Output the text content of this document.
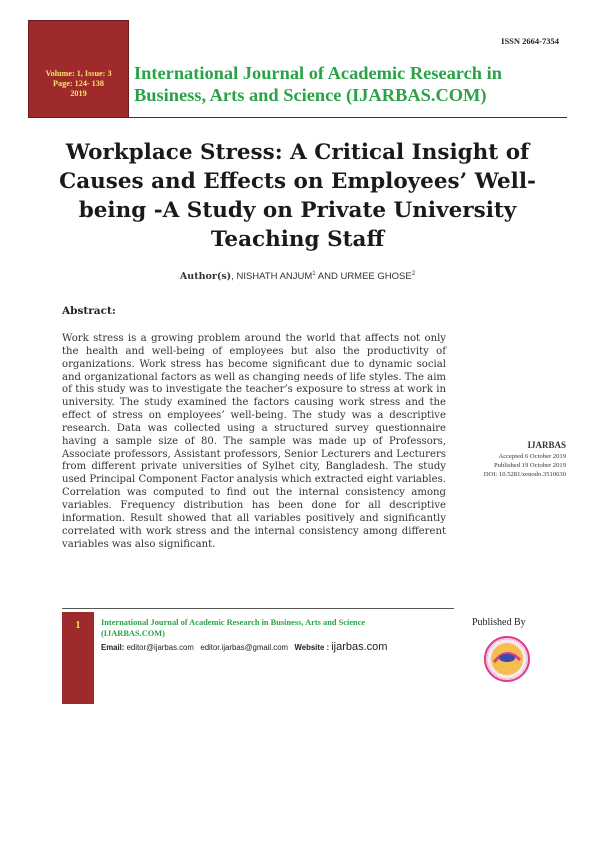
ISSN 2664-7354
Volume: 1, Issue: 3
Page: 124- 138
2019
International Journal of Academic Research in
Business, Arts and Science (IJARBAS.COM)
Workplace Stress: A Critical Insight of
Causes and Effects on Employees’ Well-
being -A Study on Private University
Teaching Staff
Author(s), NISHATH ANJUM$^1$ AND URMEE GHOSE$^2$
Abstract:
Work stress is a growing problem around the world that affects not only the health and well-being of employees but also the productivity of organizations. Work stress has become significant due to dynamic social and organizational factors as well as changing needs of life styles. The aim of this study was to investigate the teacher’s exposure to stress at work in university. The study examined the factors causing work stress and the effect of stress on employees’ well-being. The study was a descriptive research. Data was collected using a structured survey questionnaire having a sample size of 80. The sample was made up of Professors, Associate professors, Assistant professors, Senior Lecturers and Lecturers from different private universities of Sylhet city, Bangladesh. The study used Principal Component Factor analysis which extracted eight variables. Correlation was computed to find out the internal consistency among variables. Frequency distribution has been done for all descriptive information. Result showed that all variables positively and significantly correlated with work stress and the internal consistency among different variables was also significant.
IJARBAS
Accepted 6 October 2019
Published 19 October 2019
DOI: 10.5281/zenodo.3510630
1	International Journal of Academic Research in Business, Arts and Science
(IJARBAS.COM)
Email: editor@ijarbas.com editor.ijarbas@gmail.com Website : ijarbas.com
Published By
